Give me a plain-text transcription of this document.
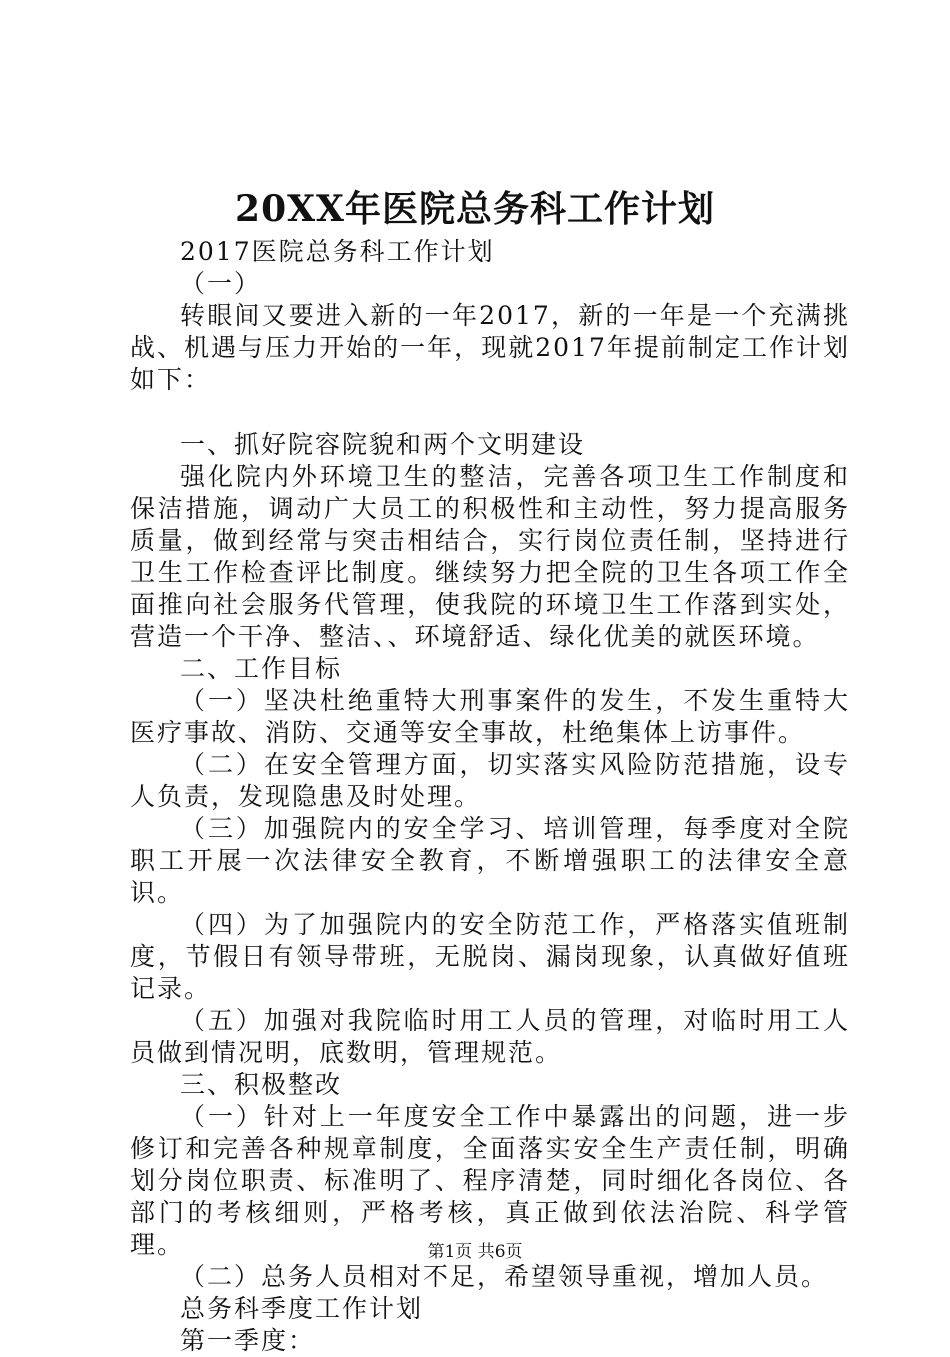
20XX年医院总务科工作计划

2017医院总务科工作计划

（一）

转眼间又要进入新的一年2017，新的一年是一个充满挑战、机遇与压力开始的一年，现就2017年提前制定工作计划如下：

一、抓好院容院貌和两个文明建设

强化院内外环境卫生的整洁，完善各项卫生工作制度和保洁措施，调动广大员工的积极性和主动性，努力提高服务质量，做到经常与突击相结合，实行岗位责任制，坚持进行卫生工作检查评比制度。继续努力把全院的卫生各项工作全面推向社会服务代管理，使我院的环境卫生工作落到实处，营造一个干净、整洁、、环境舒适、绿化优美的就医环境。

二、工作目标

（一）坚决杜绝重特大刑事案件的发生，不发生重特大医疗事故、消防、交通等安全事故，杜绝集体上访事件。

（二）在安全管理方面，切实落实风险防范措施，设专人负责，发现隐患及时处理。

（三）加强院内的安全学习、培训管理，每季度对全院职工开展一次法律安全教育，不断增强职工的法律安全意识。

（四）为了加强院内的安全防范工作，严格落实值班制度，节假日有领导带班，无脱岗、漏岗现象，认真做好值班记录。

（五）加强对我院临时用工人员的管理，对临时用工人员做到情况明，底数明，管理规范。

三、积极整改

（一）针对上一年度安全工作中暴露出的问题，进一步修订和完善各种规章制度，全面落实安全生产责任制，明确划分岗位职责、标准明了、程序清楚，同时细化各岗位、各部门的考核细则，严格考核，真正做到依法治院、科学管理。

（二）总务人员相对不足，希望领导重视，增加人员。

总务科季度工作计划

第一季度：

第1页 共6页
